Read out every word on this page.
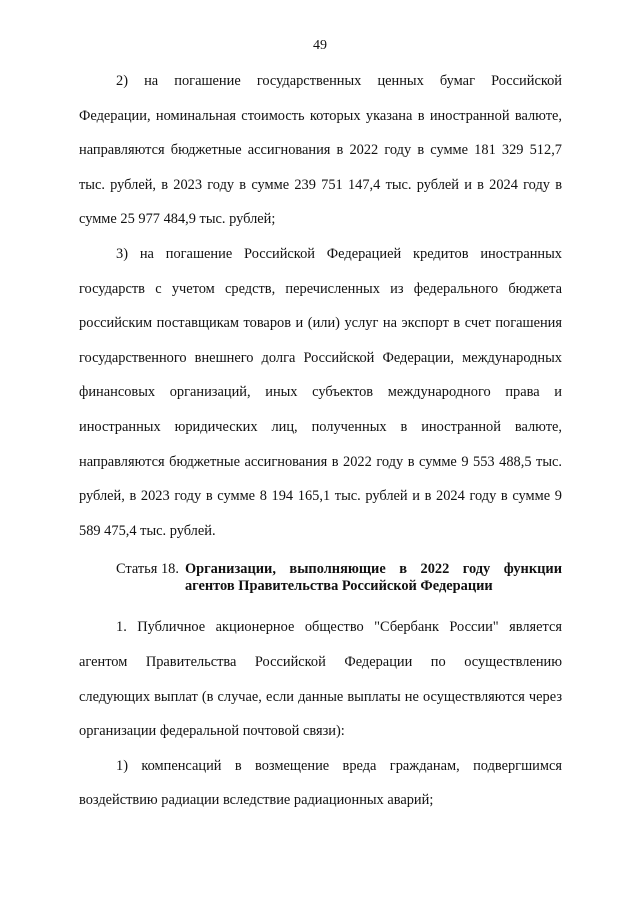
49

2) на погашение государственных ценных бумаг Российской Федерации, номинальная стоимость которых указана в иностранной валюте, направляются бюджетные ассигнования в 2022 году в сумме 181 329 512,7 тыс. рублей, в 2023 году в сумме 239 751 147,4 тыс. рублей и в 2024 году в сумме 25 977 484,9 тыс. рублей;

3) на погашение Российской Федерацией кредитов иностранных государств с учетом средств, перечисленных из федерального бюджета российским поставщикам товаров и (или) услуг на экспорт в счет погашения государственного внешнего долга Российской Федерации, международных финансовых организаций, иных субъектов международного права и иностранных юридических лиц, полученных в иностранной валюте, направляются бюджетные ассигнования в 2022 году в сумме 9 553 488,5 тыс. рублей, в 2023 году в сумме 8 194 165,1 тыс. рублей и в 2024 году в сумме 9 589 475,4 тыс. рублей.

Статья 18. Организации, выполняющие в 2022 году функции агентов Правительства Российской Федерации

1. Публичное акционерное общество "Сбербанк России" является агентом Правительства Российской Федерации по осуществлению следующих выплат (в случае, если данные выплаты не осуществляются через организации федеральной почтовой связи):

1) компенсаций в возмещение вреда гражданам, подвергшимся воздействию радиации вследствие радиационных аварий;
